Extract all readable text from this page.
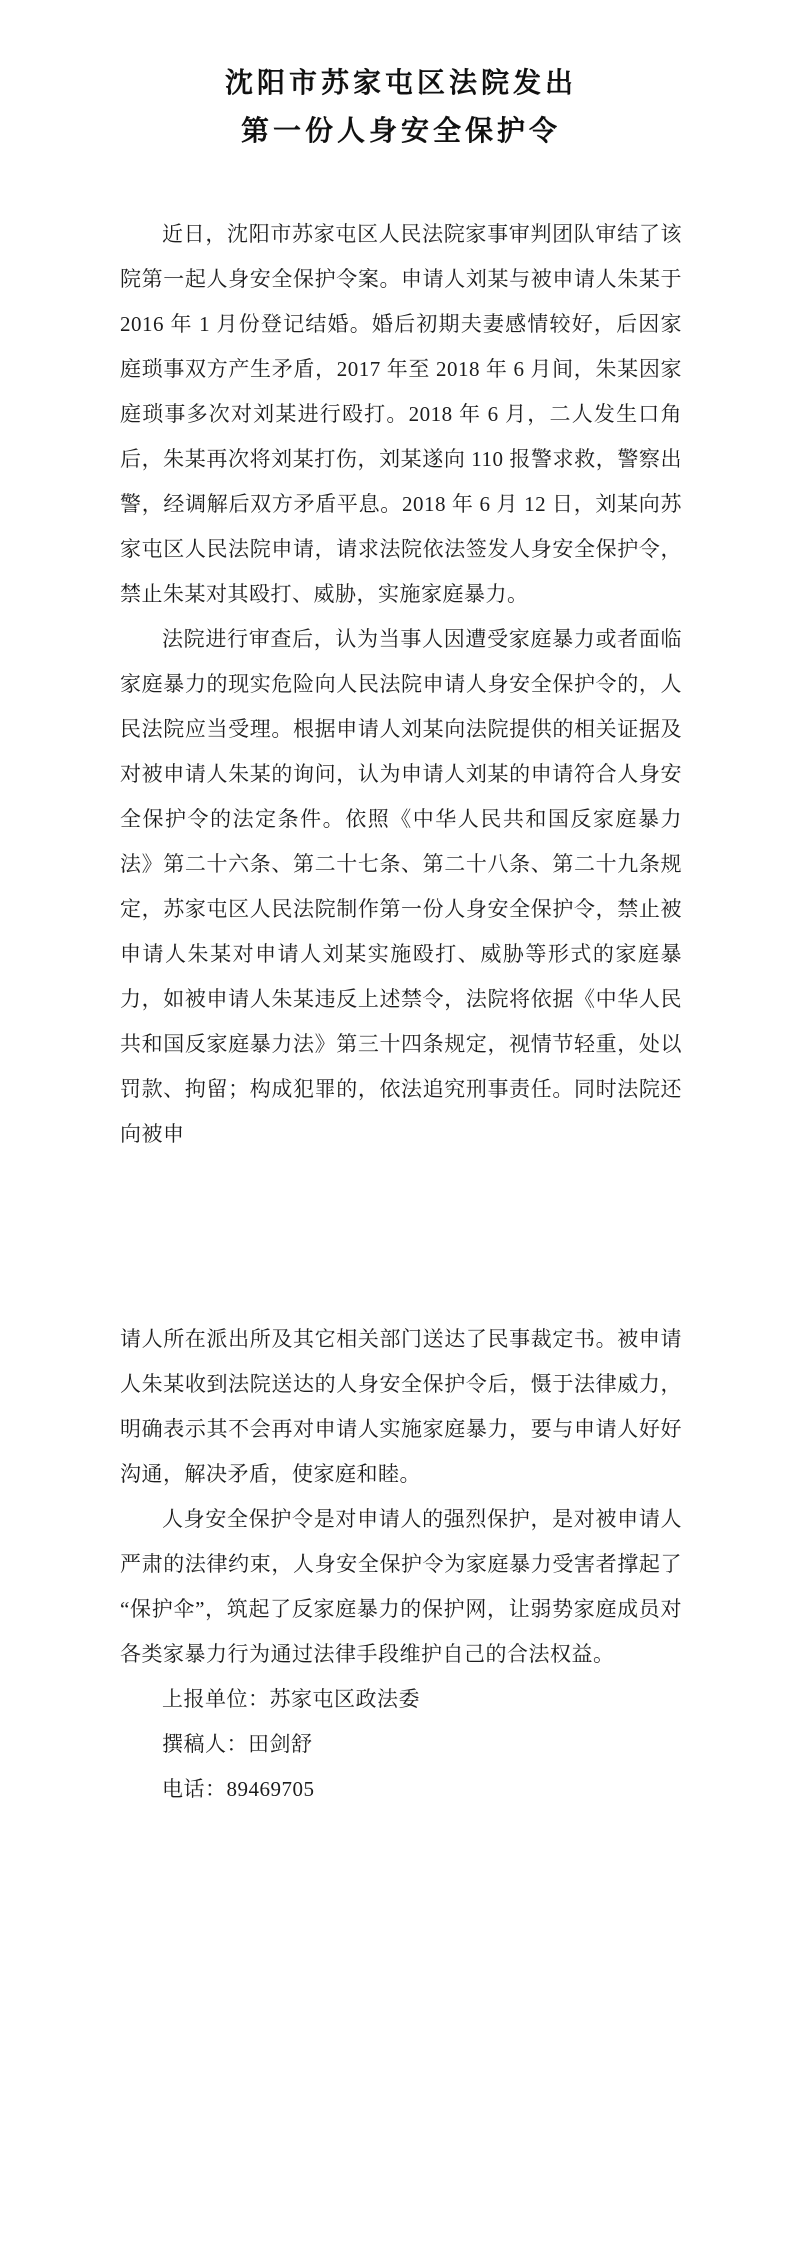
沈阳市苏家屯区法院发出
第一份人身安全保护令

近日，沈阳市苏家屯区人民法院家事审判团队审结了该院第一起人身安全保护令案。申请人刘某与被申请人朱某于 2016 年 1 月份登记结婚。婚后初期夫妻感情较好，后因家庭琐事双方产生矛盾，2017 年至 2018 年 6 月间，朱某因家庭琐事多次对刘某进行殴打。2018 年 6 月，二人发生口角后，朱某再次将刘某打伤，刘某遂向 110 报警求救，警察出警，经调解后双方矛盾平息。2018 年 6 月 12 日，刘某向苏家屯区人民法院申请，请求法院依法签发人身安全保护令，禁止朱某对其殴打、威胁，实施家庭暴力。

法院进行审查后，认为当事人因遭受家庭暴力或者面临家庭暴力的现实危险向人民法院申请人身安全保护令的，人民法院应当受理。根据申请人刘某向法院提供的相关证据及对被申请人朱某的询问，认为申请人刘某的申请符合人身安全保护令的法定条件。依照《中华人民共和国反家庭暴力法》第二十六条、第二十七条、第二十八条、第二十九条规定，苏家屯区人民法院制作第一份人身安全保护令，禁止被申请人朱某对申请人刘某实施殴打、威胁等形式的家庭暴力，如被申请人朱某违反上述禁令，法院将依据《中华人民共和国反家庭暴力法》第三十四条规定，视情节轻重，处以罚款、拘留；构成犯罪的，依法追究刑事责任。同时法院还向被申

请人所在派出所及其它相关部门送达了民事裁定书。被申请人朱某收到法院送达的人身安全保护令后，慑于法律威力，明确表示其不会再对申请人实施家庭暴力，要与申请人好好沟通，解决矛盾，使家庭和睦。

人身安全保护令是对申请人的强烈保护，是对被申请人严肃的法律约束，人身安全保护令为家庭暴力受害者撑起了“保护伞”，筑起了反家庭暴力的保护网，让弱势家庭成员对各类家暴力行为通过法律手段维护自己的合法权益。

上报单位：苏家屯区政法委

撰稿人：田剑舒

电话：89469705
